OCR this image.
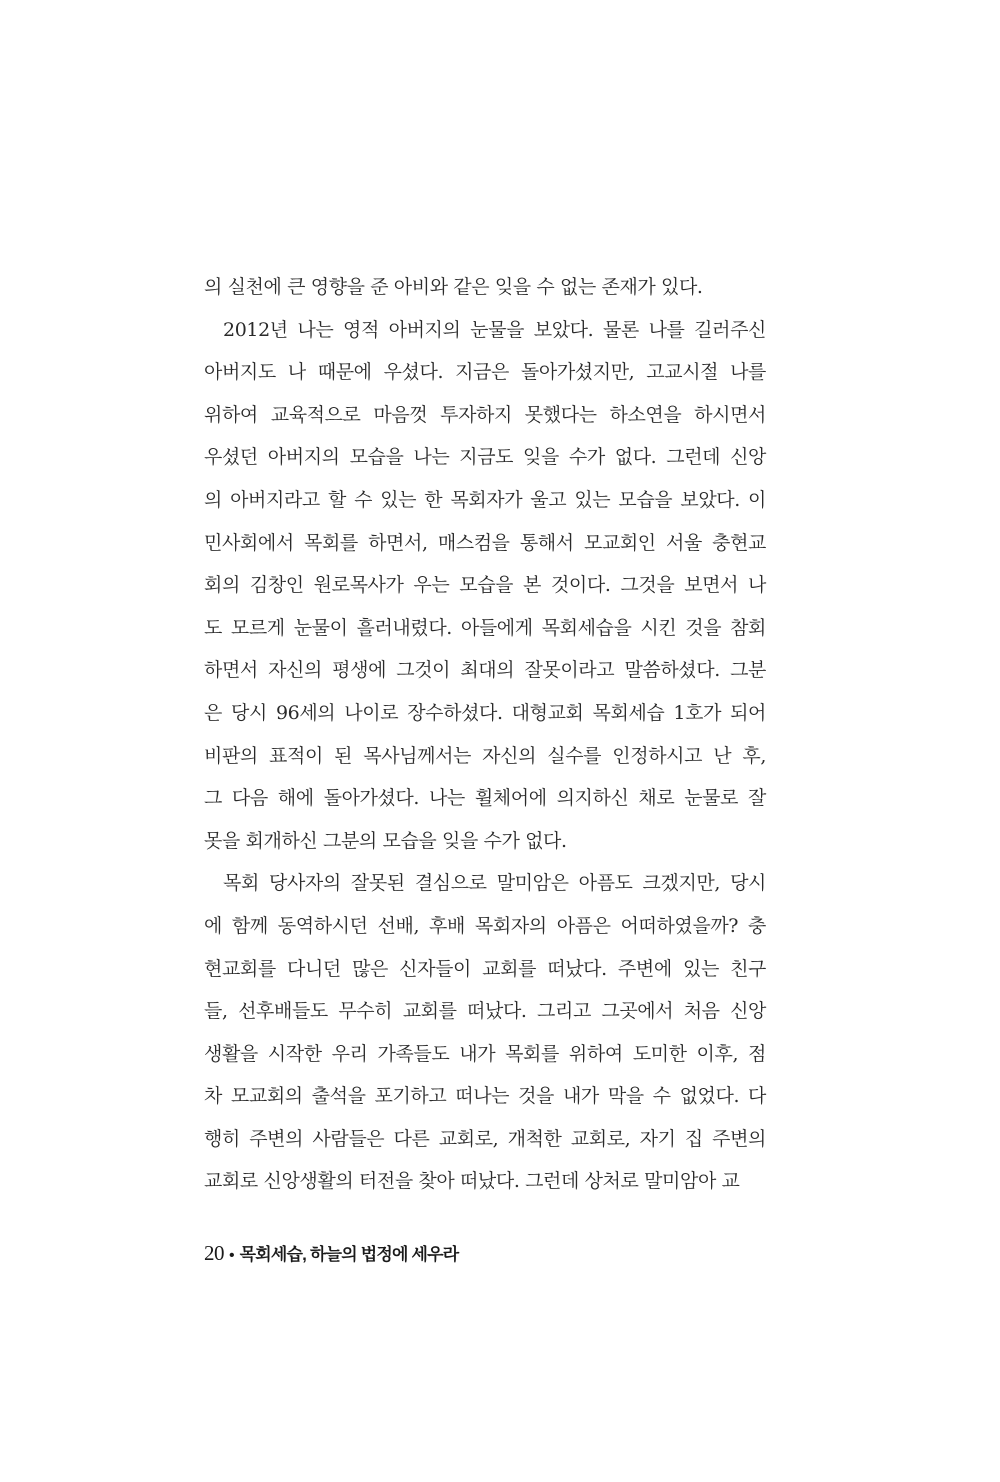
의 실천에 큰 영향을 준 아비와 같은 잊을 수 없는 존재가 있다.
2012년 나는 영적 아버지의 눈물을 보았다. 물론 나를 길러주신
아버지도 나 때문에 우셨다. 지금은 돌아가셨지만, 고교시절 나를
위하여 교육적으로 마음껏 투자하지 못했다는 하소연을 하시면서
우셨던 아버지의 모습을 나는 지금도 잊을 수가 없다. 그런데 신앙
의 아버지라고 할 수 있는 한 목회자가 울고 있는 모습을 보았다. 이
민사회에서 목회를 하면서, 매스컴을 통해서 모교회인 서울 충현교
회의 김창인 원로목사가 우는 모습을 본 것이다. 그것을 보면서 나
도 모르게 눈물이 흘러내렸다. 아들에게 목회세습을 시킨 것을 참회
하면서 자신의 평생에 그것이 최대의 잘못이라고 말씀하셨다. 그분
은 당시 96세의 나이로 장수하셨다. 대형교회 목회세습 1호가 되어
비판의 표적이 된 목사님께서는 자신의 실수를 인정하시고 난 후,
그 다음 해에 돌아가셨다. 나는 휠체어에 의지하신 채로 눈물로 잘
못을 회개하신 그분의 모습을 잊을 수가 없다.
목회 당사자의 잘못된 결심으로 말미암은 아픔도 크겠지만, 당시
에 함께 동역하시던 선배, 후배 목회자의 아픔은 어떠하였을까? 충
현교회를 다니던 많은 신자들이 교회를 떠났다. 주변에 있는 친구
들, 선후배들도 무수히 교회를 떠났다. 그리고 그곳에서 처음 신앙
생활을 시작한 우리 가족들도 내가 목회를 위하여 도미한 이후, 점
차 모교회의 출석을 포기하고 떠나는 것을 내가 막을 수 없었다. 다
행히 주변의 사람들은 다른 교회로, 개척한 교회로, 자기 집 주변의
교회로 신앙생활의 터전을 찾아 떠났다. 그런데 상처로 말미암아 교
20 • 목회세습, 하늘의 법정에 세우라
